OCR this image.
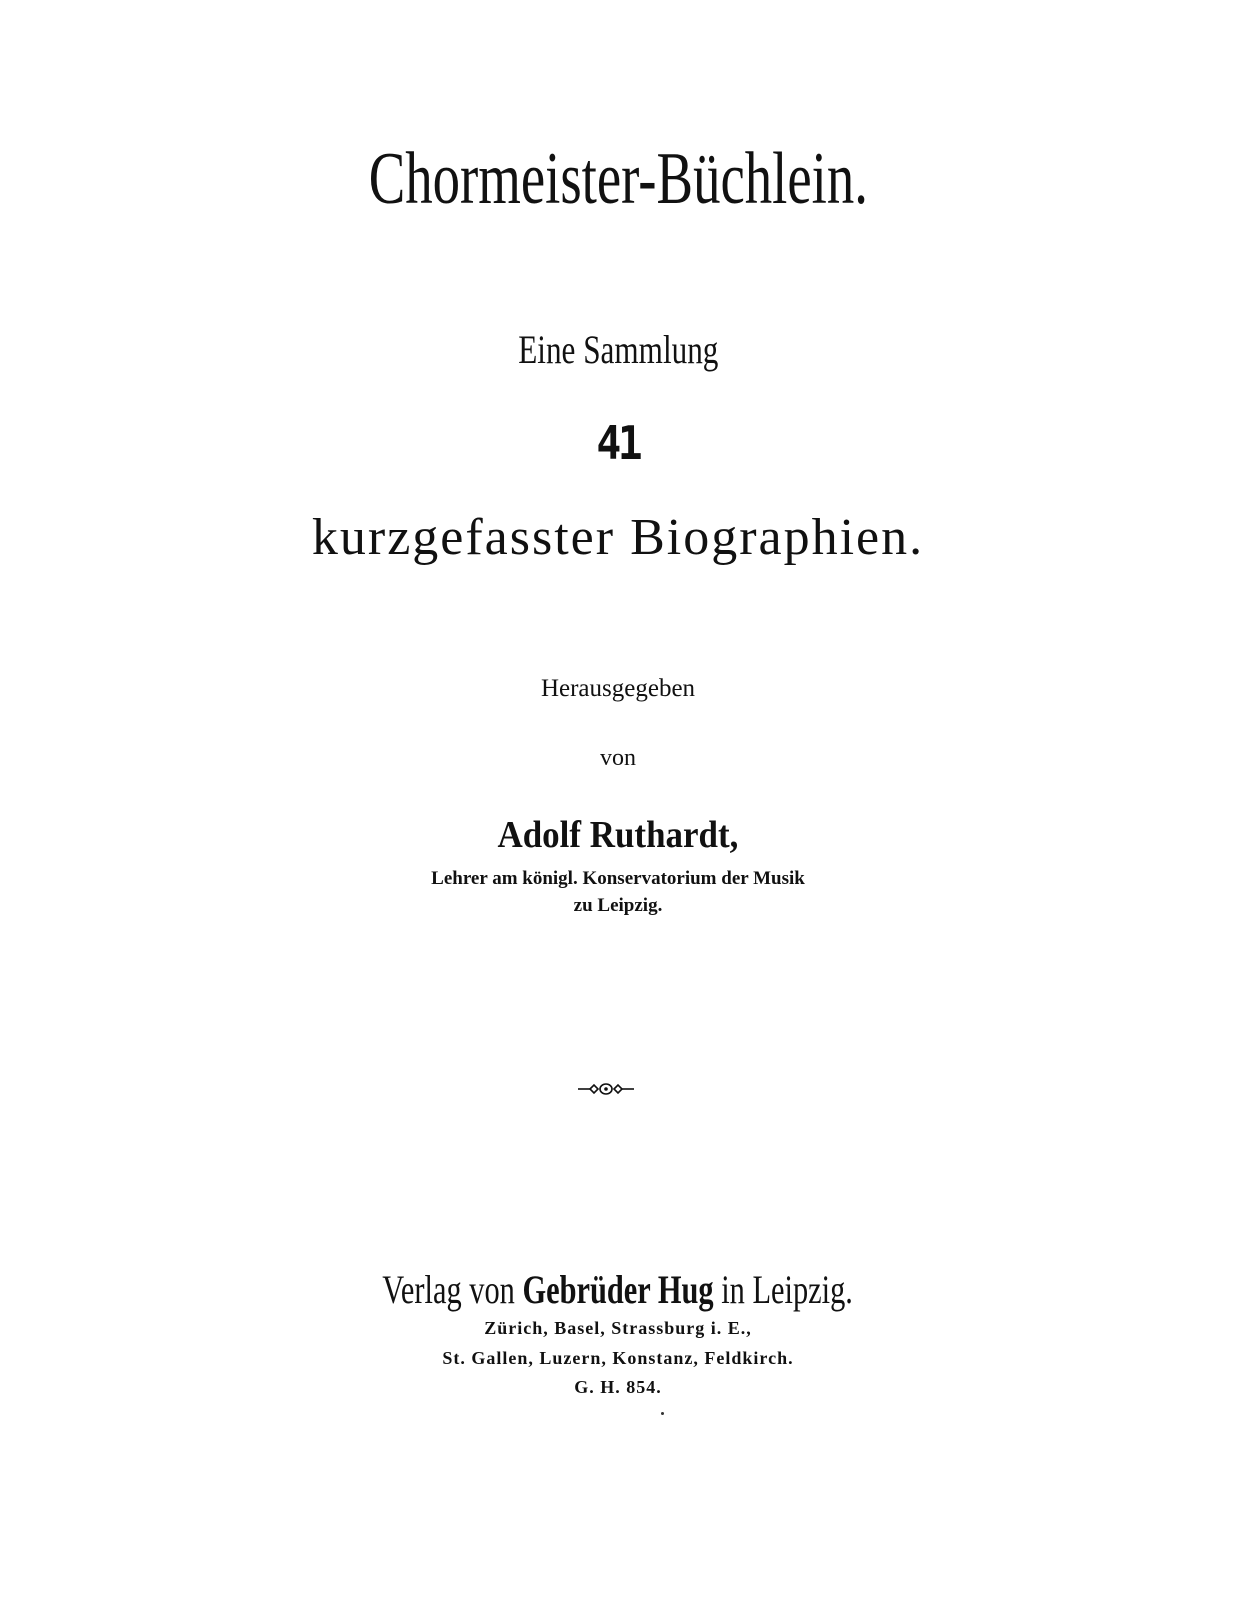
Chormeister-Büchlein.
Eine Sammlung
41
kurzgefasster Biographien.
Herausgegeben
von
Adolf Ruthardt,
Lehrer am königl. Konservatorium der Musik
zu Leipzig.
Verlag von Gebrüder Hug in Leipzig.
Zürich, Basel, Strassburg i. E.,
St. Gallen, Luzern, Konstanz, Feldkirch.
G. H. 854.
